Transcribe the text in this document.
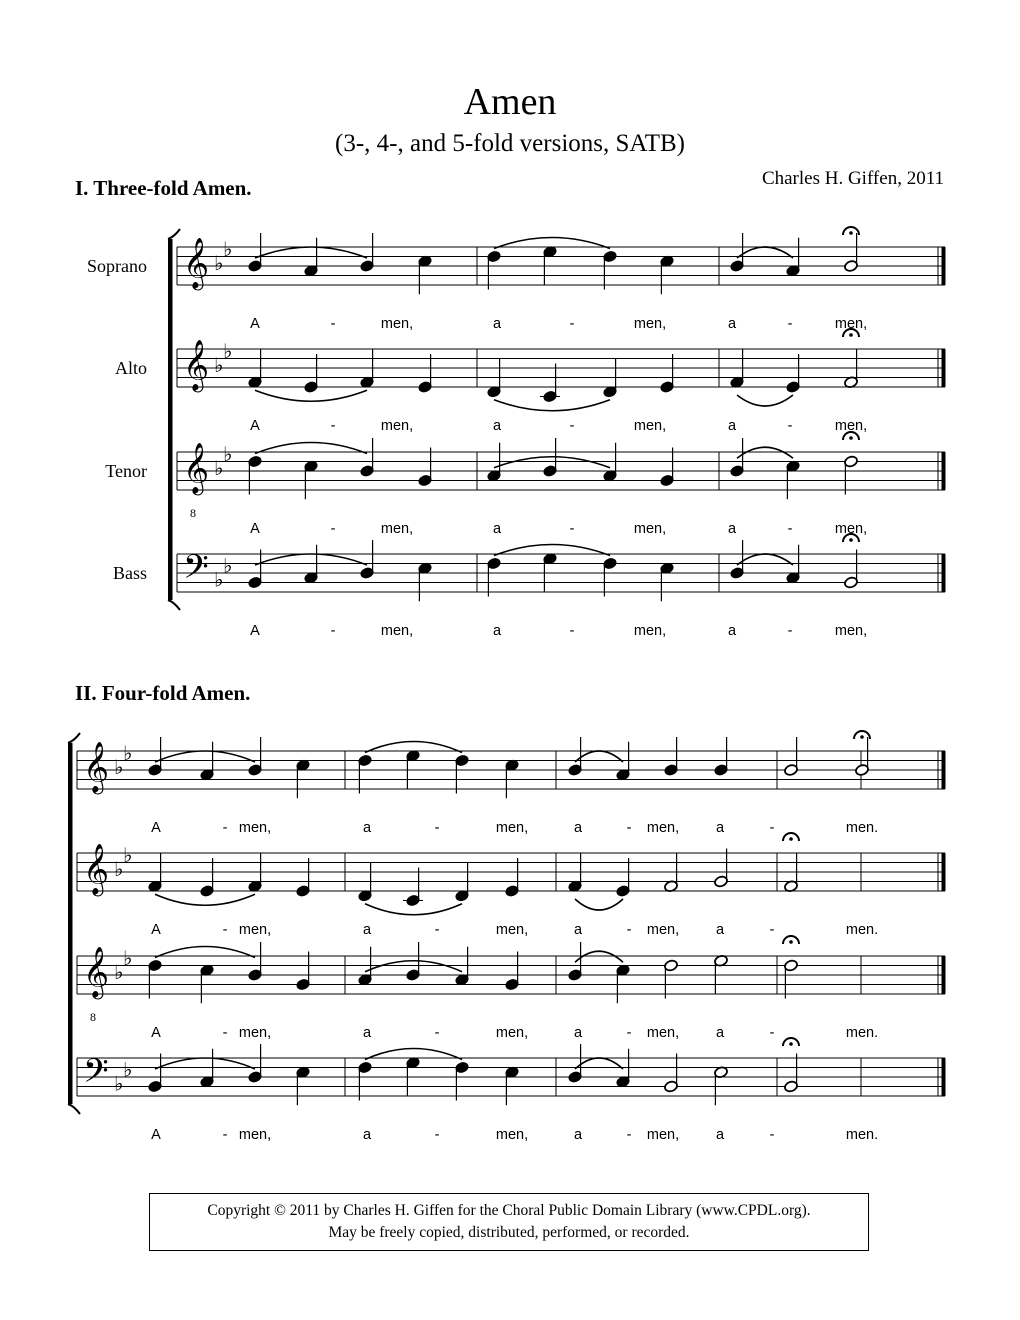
Amen
(3-, 4-, and 5-fold versions, SATB)
Charles H. Giffen, 2011
I. Three-fold Amen.
II. Four-fold Amen.
𝄞 ♭
♭
Soprano
A	-	men,	a	-	men,	a	-	men,
𝄞 ♭
♭
Alto
A	-	men,	a	-	men,	a	-	men,
𝄞
8
♭
♭
Tenor
A	-	men,	a	-	men,	a	-	men,
𝄢 ♭
♭
Bass
A	-	men,	a	-	men,	a	-	men,
𝄞 ♭
♭
A	- men,	a	-	men,	a	- men,	a	-	men.
𝄞 ♭
♭
A	- men,	a	-	men,	a	- men,	a	-	men.
𝄞
8
♭
♭
A	- men,	a	-	men,	a	- men,	a	-	men.
𝄢 ♭
♭
A	- men,	a	-	men,	a	- men,	a	-	men.
Copyright © 2011 by Charles H. Giffen for the Choral Public Domain Library (www.CPDL.org).
May be freely copied, distributed, performed, or recorded.
